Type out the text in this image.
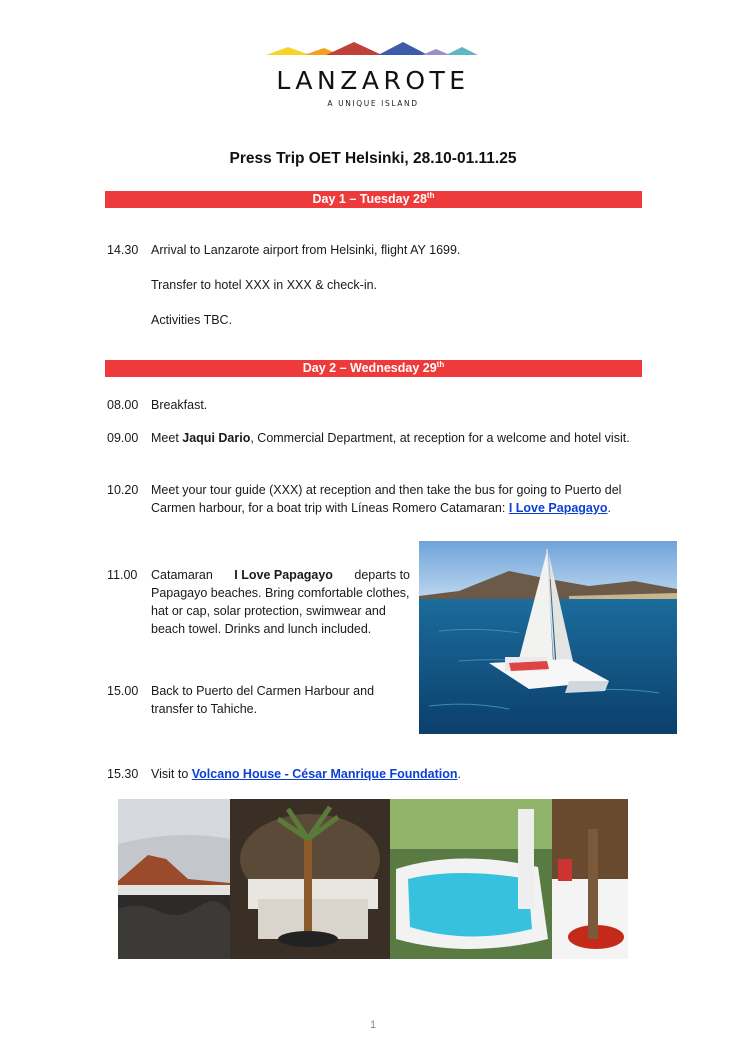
LANZAROTE
A UNIQUE ISLAND
Press Trip OET Helsinki, 28.10-01.11.25
Day 1 – Tuesday 28th
14.30 Arrival to Lanzarote airport from Helsinki, flight AY 1699.
Transfer to hotel XXX in XXX & check-in.
Activities TBC.
Day 2 – Wednesday 29th
08.00 Breakfast.
09.00 Meet Jaqui Dario, Commercial Department, at reception for a welcome and hotel visit.
10.20 Meet your tour guide (XXX) at reception and then take the bus for going to Puerto del
Carmen harbour, for a boat trip with Líneas Romero Catamaran: I Love Papagayo.
11.00 Catamaran I Love Papagayo departs to
Papagayo beaches. Bring comfortable clothes,
hat or cap, solar protection, swimwear and
beach towel. Drinks and lunch included.
15.00 Back to Puerto del Carmen Harbour and
transfer to Tahiche.
15.30 Visit to Volcano House - César Manrique Foundation.
1
